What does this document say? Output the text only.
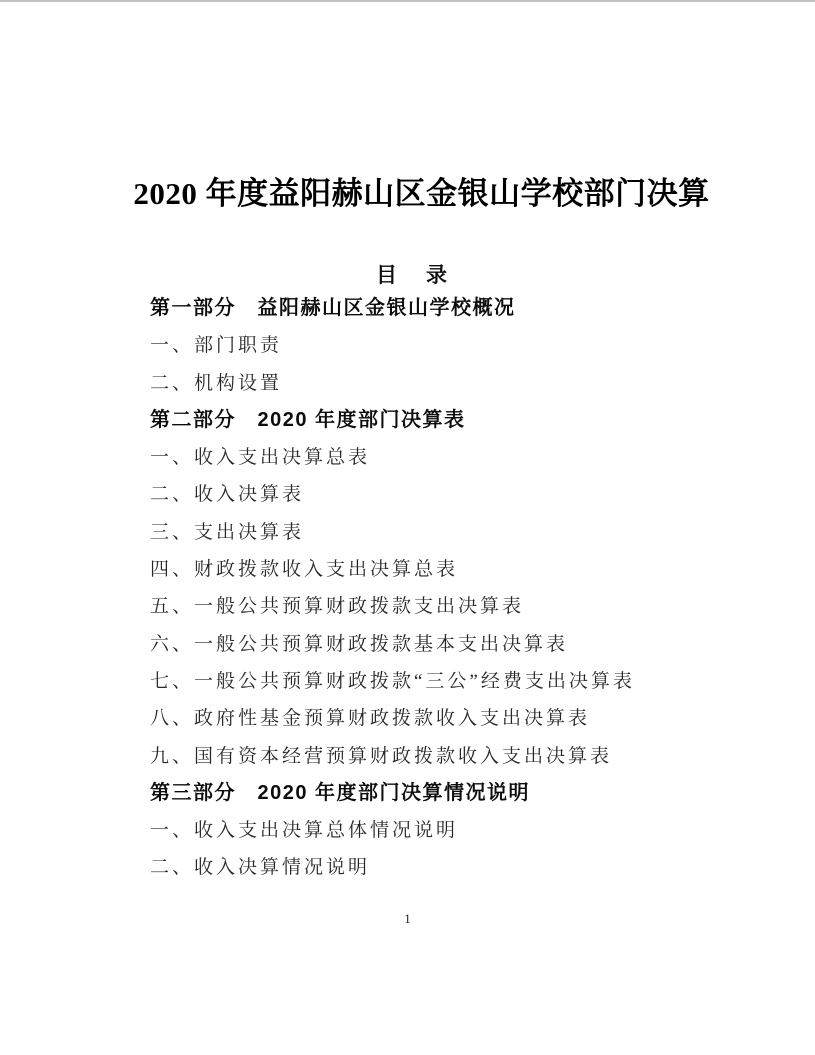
2020 年度益阳赫山区金银山学校部门决算
目　录
第一部分　益阳赫山区金银山学校概况
一、部门职责
二、机构设置
第二部分　2020 年度部门决算表
一、收入支出决算总表
二、收入决算表
三、支出决算表
四、财政拨款收入支出决算总表
五、一般公共预算财政拨款支出决算表
六、一般公共预算财政拨款基本支出决算表
七、一般公共预算财政拨款“三公”经费支出决算表
八、政府性基金预算财政拨款收入支出决算表
九、国有资本经营预算财政拨款收入支出决算表
第三部分　2020 年度部门决算情况说明
一、收入支出决算总体情况说明
二、收入决算情况说明
1
